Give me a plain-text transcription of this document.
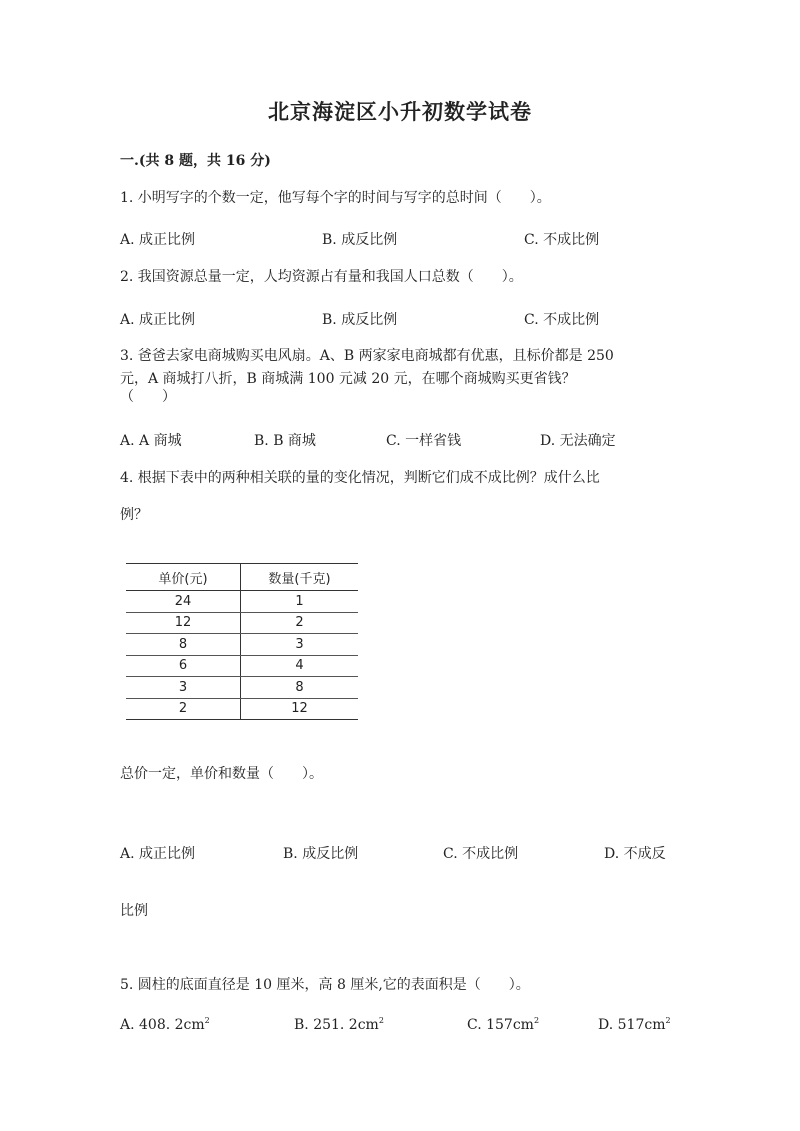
北京海淀区小升初数学试卷
一.(共 8 题，共 16 分)
1. 小明写字的个数一定，他写每个字的时间与写字的总时间（　　）。
A. 成正比例	B. 成反比例	C. 不成比例
2. 我国资源总量一定，人均资源占有量和我国人口总数（　　）。
A. 成正比例	B. 成反比例	C. 不成比例
3. 爸爸去家电商城购买电风扇。A、B 两家家电商城都有优惠，且标价都是 250
元，A 商城打八折，B 商城满 100 元减 20 元，在哪个商城购买更省钱？
（　　）
A. A 商城	B. B 商城	C. 一样省钱	D. 无法确定
4. 根据下表中的两种相关联的量的变化情况，判断它们成不成比例？成什么比
例？
单价(元)	数量(千克)
24	1
12	2
8	3
6	4
3	8
2	12
总价一定，单价和数量（　　）。
A. 成正比例	B. 成反比例	C. 不成比例	D. 不成反
比例
5. 圆柱的底面直径是 10 厘米，高 8 厘米,它的表面积是（　　）。
A. 408. $2cm^2$	B. 251. $2cm^2$	C. $157cm^2$	D. $517cm^2$
